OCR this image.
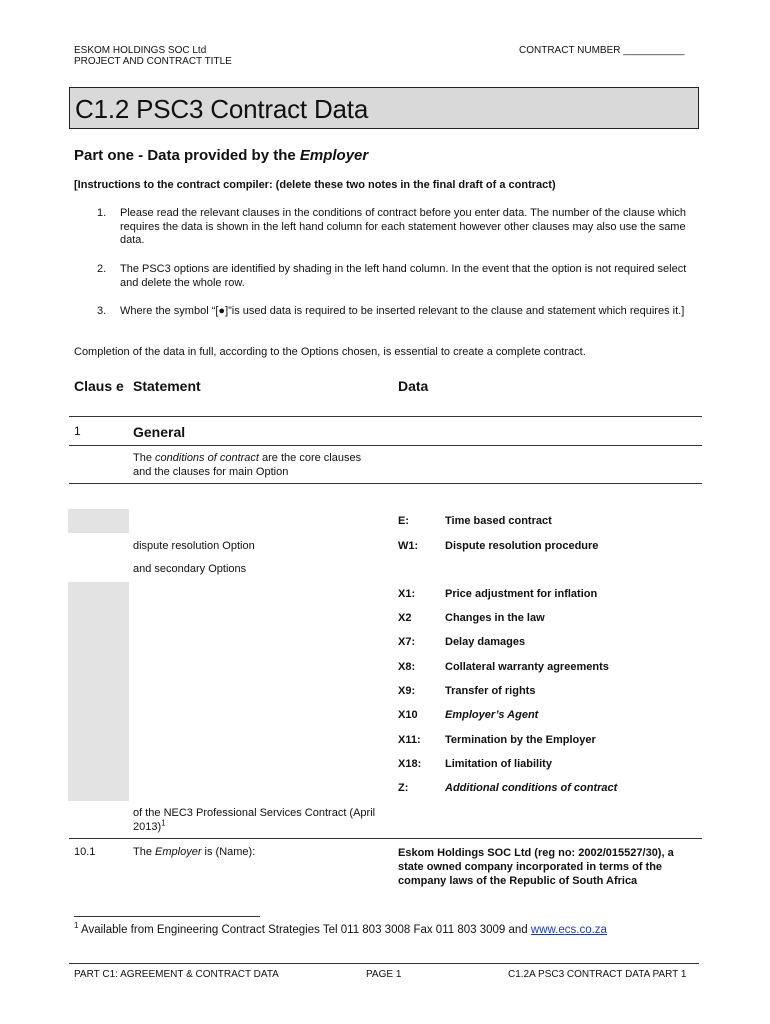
ESKOM HOLDINGS SOC Ltd
PROJECT AND CONTRACT TITLE
CONTRACT NUMBER ___________
C1.2 PSC3 Contract Data
Part one - Data provided by the Employer
[Instructions to the contract compiler: (delete these two notes in the final draft of a contract)
1. Please read the relevant clauses in the conditions of contract before you enter data. The number of the clause which requires the data is shown in the left hand column for each statement however other clauses may also use the same data.
2. The PSC3 options are identified by shading in the left hand column. In the event that the option is not required select and delete the whole row.
3. Where the symbol “[●]”is used data is required to be inserted relevant to the clause and statement which requires it.]
Completion of the data in full, according to the Options chosen, is essential to create a complete contract.
Claus e Statement	Data
1	General
The conditions of contract are the core clauses and the clauses for main Option
E:	Time based contract
dispute resolution Option	W1: Dispute resolution procedure
and secondary Options
X1:	Price adjustment for inflation
X2	Changes in the law
X7:	Delay damages
X8:	Collateral warranty agreements
X9:	Transfer of rights
X10 Employer’s Agent
X11: Termination by the Employer
X18: Limitation of liability
Z:	Additional conditions of contract
of the NEC3 Professional Services Contract (April 2013)$^1$
10.1	The Employer is (Name):	Eskom Holdings SOC Ltd (reg no: 2002/015527/30), a state owned company incorporated in terms of the company laws of the Republic of South Africa
$^1$ Available from Engineering Contract Strategies Tel 011 803 3008 Fax 011 803 3009 and www.ecs.co.za
PART C1: AGREEMENT & CONTRACT DATA	PAGE 1	C1.2A PSC3 CONTRACT DATA PART 1
